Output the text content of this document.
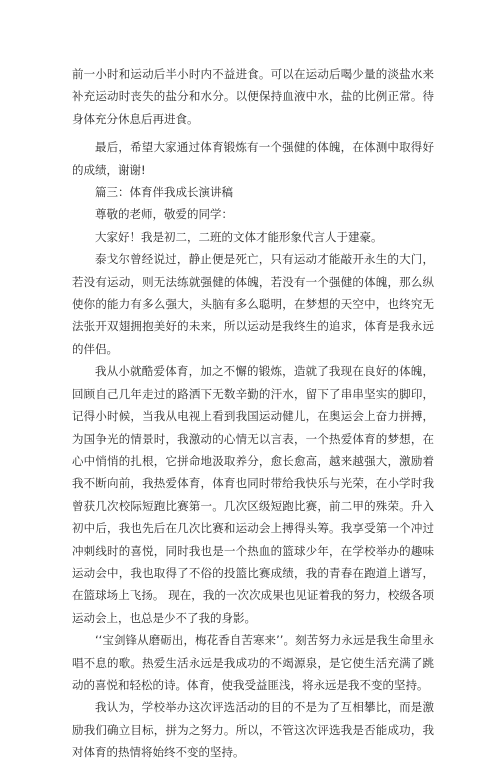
前一小时和运动后半小时内不益进食。可以在运动后喝少量的淡盐水来补充运动时丧失的盐分和水分。以便保持血液中水，盐的比例正常。待身体充分休息后再进食。

最后，希望大家通过体育锻炼有一个强健的体魄，在体测中取得好的成绩，谢谢!

篇三：体育伴我成长演讲稿

尊敬的老师，敬爱的同学：

大家好！我是初二，二班的文体才能形象代言人于建豪。

泰戈尔曾经说过，静止便是死亡，只有运动才能敲开永生的大门，若没有运动，则无法练就强健的体魄，若没有一个强健的体魄，那么纵使你的能力有多么强大，头脑有多么聪明，在梦想的天空中，也终究无法张开双翅拥抱美好的未来，所以运动是我终生的追求，体育是我永远的伴侣。

我从小就酷爱体育，加之不懈的锻炼，造就了我现在良好的体魄，回顾自己几年走过的路洒下无数辛勤的汗水，留下了串串坚实的脚印，记得小时候，当我从电视上看到我国运动健儿，在奥运会上奋力拼搏，为国争光的情景时，我激动的心情无以言表，一个热爱体育的梦想，在心中悄悄的扎根，它拼命地汲取养分，愈长愈高，越来越强大，激励着我不断向前，我热爱体育，体育也同时带给我快乐与光荣，在小学时我曾获几次校际短跑比赛第一。几次区级短跑比赛，前二甲的殊荣。升入初中后，我也先后在几次比赛和运动会上搏得头筹。我享受第一个冲过冲刺线时的喜悦，同时我也是一个热血的篮球少年，在学校举办的趣味运动会中，我也取得了不俗的投篮比赛成绩，我的青春在跑道上谱写，在篮球场上飞扬。 现在，我的一次次成果也见证着我的努力，校级各项运动会上，也总是少不了我的身影。

‘‘宝剑锋从磨砺出，梅花香自苦寒来’’。刻苦努力永远是我生命里永唱不息的歌。热爱生活永远是我成功的不竭源泉，是它使生活充满了跳动的喜悦和轻松的诗。体育，使我受益匪浅，将永远是我不变的坚持。

我认为，学校举办这次评选活动的目的不是为了互相攀比，而是激励我们确立目标，拼为之努力。所以，不管这次评选我是否能成功，我对体育的热情将始终不变的坚持。
